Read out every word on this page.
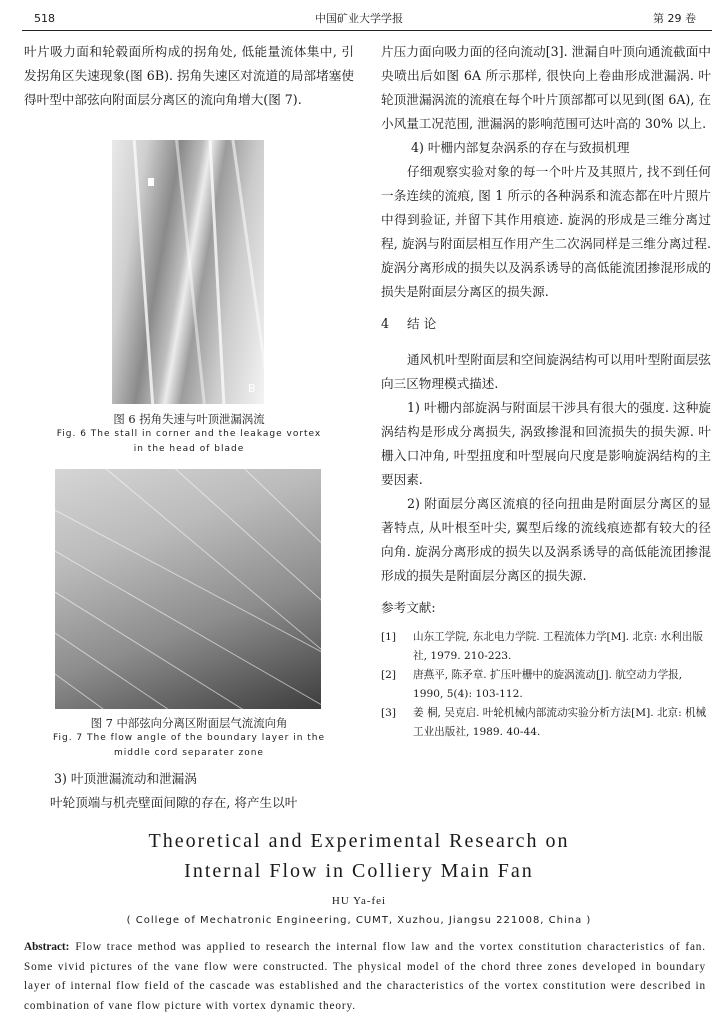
518	中国矿业大学学报	第 29 卷

叶片吸力面和轮毂面所构成的拐角处, 低能量流体集中, 引发拐角区失速现象(图 6B). 拐角失速区对流道的局部堵塞使得叶型中部弦向附面层分离区的流向角增大(图 7).

B
图 6 拐角失速与叶顶泄漏涡流
Fig. 6 The stall in corner and the leakage vortex
in the head of blade
图 7 中部弦向分离区附面层气流流向角
Fig. 7 The flow angle of the boundary layer in the
middle cord separater zone

3) 叶顶泄漏流动和泄漏涡

叶轮顶端与机壳壁面间隙的存在, 将产生以叶

片压力面向吸力面的径向流动[3]. 泄漏自叶顶向通流截面中央喷出后如图 6A 所示那样, 很快向上卷曲形成泄漏涡. 叶轮顶泄漏涡流的流痕在每个叶片顶部都可以见到(图 6A), 在小风量工况范围, 泄漏涡的影响范围可达叶高的 30% 以上.

4) 叶栅内部复杂涡系的存在与致损机理

仔细观察实验对象的每一个叶片及其照片, 找不到任何一条连续的流痕, 图 1 所示的各种涡系和流态都在叶片照片中得到验证, 并留下其作用痕迹. 旋涡的形成是三维分离过程, 旋涡与附面层相互作用产生二次涡同样是三维分离过程. 旋涡分离形成的损失以及涡系诱导的高低能流团掺混形成的损失是附面层分离区的损失源.

4 结 论

通风机叶型附面层和空间旋涡结构可以用叶型附面层弦向三区物理模式描述.

1) 叶栅内部旋涡与附面层干涉具有很大的强度. 这种旋涡结构是形成分离损失, 涡致掺混和回流损失的损失源. 叶栅入口冲角, 叶型扭度和叶型展向尺度是影响旋涡结构的主要因素.

2) 附面层分离区流痕的径向扭曲是附面层分离区的显著特点, 从叶根至叶尖, 翼型后缘的流线痕迹都有较大的径向角. 旋涡分离形成的损失以及涡系诱导的高低能流团掺混形成的损失是附面层分离区的损失源.

参考文献:

[1] 山东工学院, 东北电力学院. 工程流体力学[M]. 北京: 水利出版社, 1979. 210-223.

[2] 唐燕平, 陈矛章. 扩压叶栅中的旋涡流动[J]. 航空动力学报, 1990, 5(4): 103-112.

[3] 姜 桐, 吴克启. 叶轮机械内部流动实验分析方法[M]. 北京: 机械工业出版社, 1989. 40-44.

Theoretical and Experimental Research on
Internal Flow in Colliery Main Fan
HU Ya-fei
( College of Mechatronic Engineering, CUMT, Xuzhou, Jiangsu 221008, China )
Abstract: Flow trace method was applied to research the internal flow law and the vortex constitution characteristics of fan. Some vivid pictures of the vane flow were constructed. The physical model of the chord three zones developed in boundary layer of internal flow field of the cascade was established and the characteristics of the vortex constitution were described in combination of vane flow picture with vortex dynamic theory.
